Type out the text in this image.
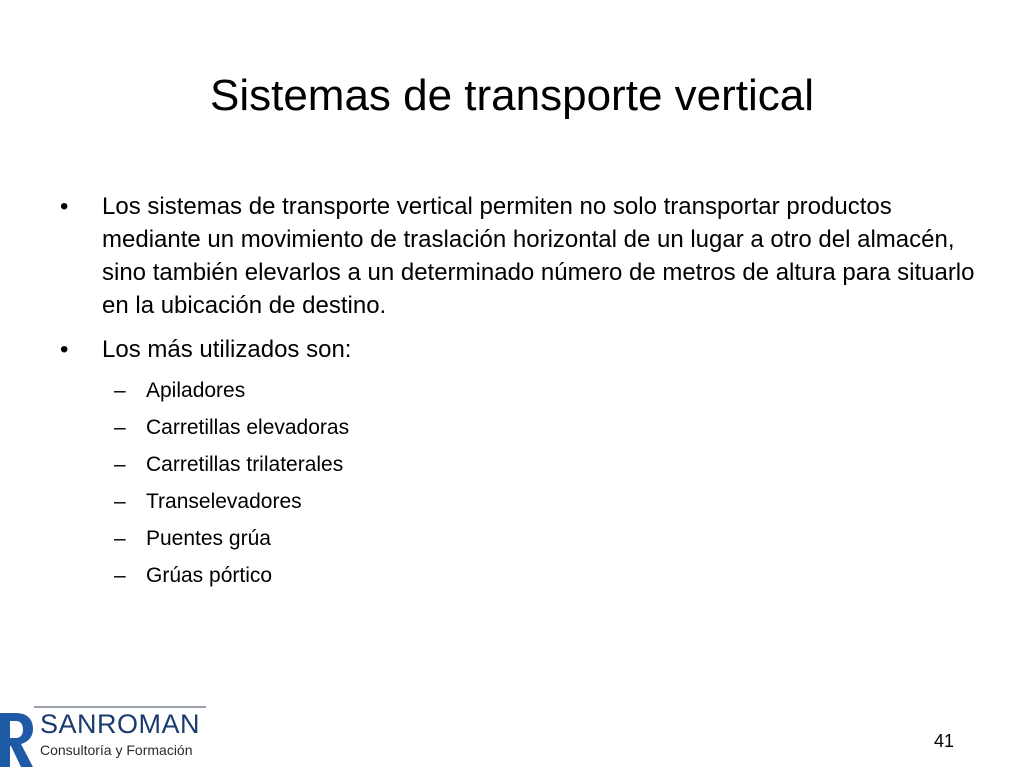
Sistemas de transporte vertical
• Los sistemas de transporte vertical permiten no solo transportar productos mediante un movimiento de traslación horizontal de un lugar a otro del almacén, sino también elevarlos a un determinado número de metros de altura para situarlo en la ubicación de destino.
• Los más utilizados son:
– Apiladores
– Carretillas elevadoras
– Carretillas trilaterales
– Transelevadores
– Puentes grúa
– Grúas pórtico
SANROMAN
Consultoría y Formación	41
